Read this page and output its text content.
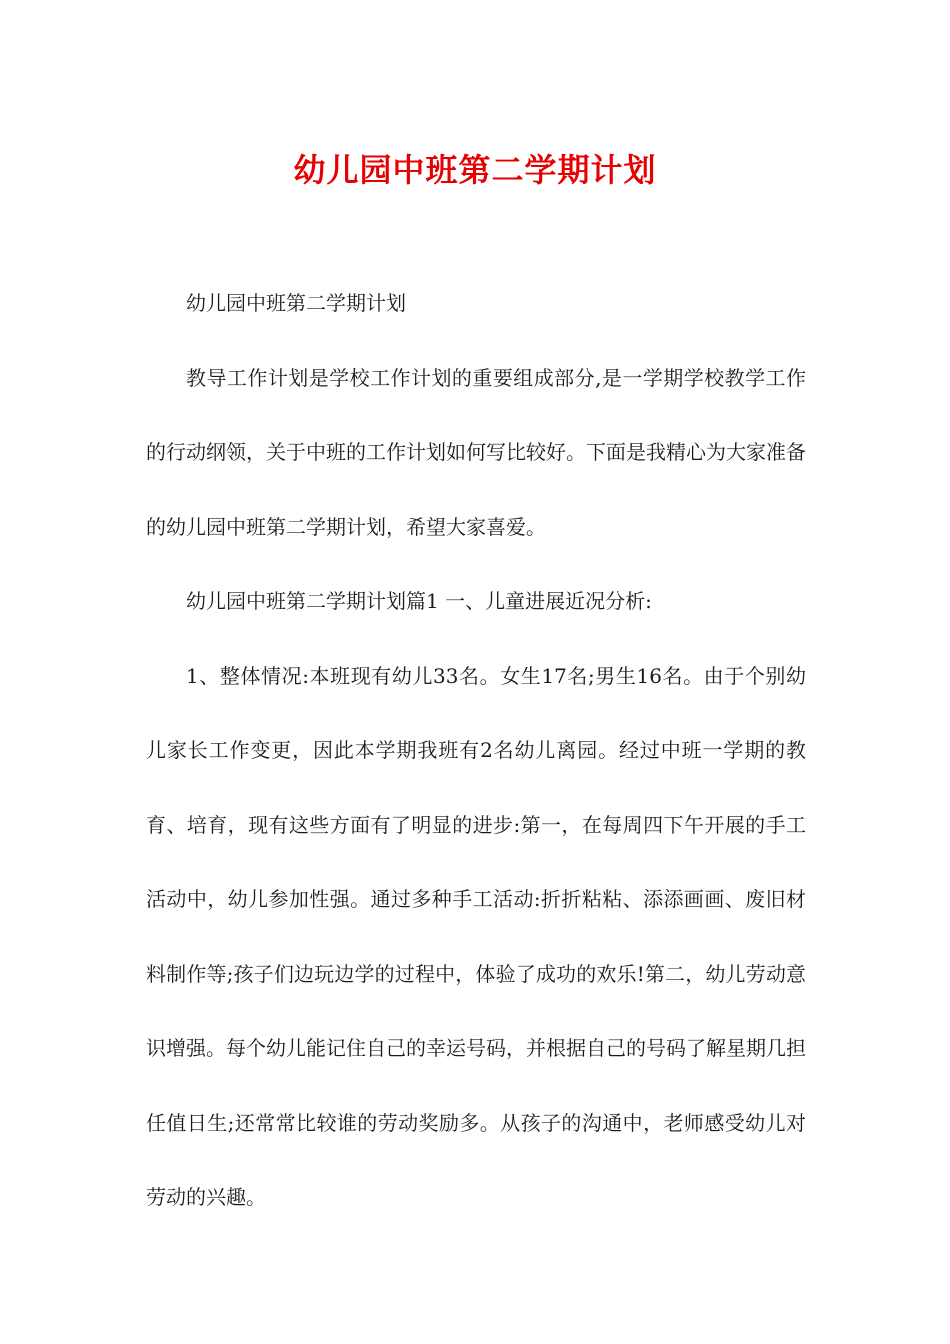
幼儿园中班第二学期计划

幼儿园中班第二学期计划

教导工作计划是学校工作计划的重要组成部分,是一学期学校教学工作的行动纲领，关于中班的工作计划如何写比较好。下面是我精心为大家准备的幼儿园中班第二学期计划，希望大家喜爱。

幼儿园中班第二学期计划篇1 一、儿童进展近况分析:

1、整体情况:本班现有幼儿33名。女生17名;男生16名。由于个别幼儿家长工作变更，因此本学期我班有2名幼儿离园。经过中班一学期的教育、培育，现有这些方面有了明显的进步:第一，在每周四下午开展的手工活动中，幼儿参加性强。通过多种手工活动:折折粘粘、添添画画、废旧材料制作等;孩子们边玩边学的过程中，体验了成功的欢乐!第二，幼儿劳动意识增强。每个幼儿能记住自己的幸运号码，并根据自己的号码了解星期几担任值日生;还常常比较谁的劳动奖励多。从孩子的沟通中，老师感受幼儿对劳动的兴趣。
